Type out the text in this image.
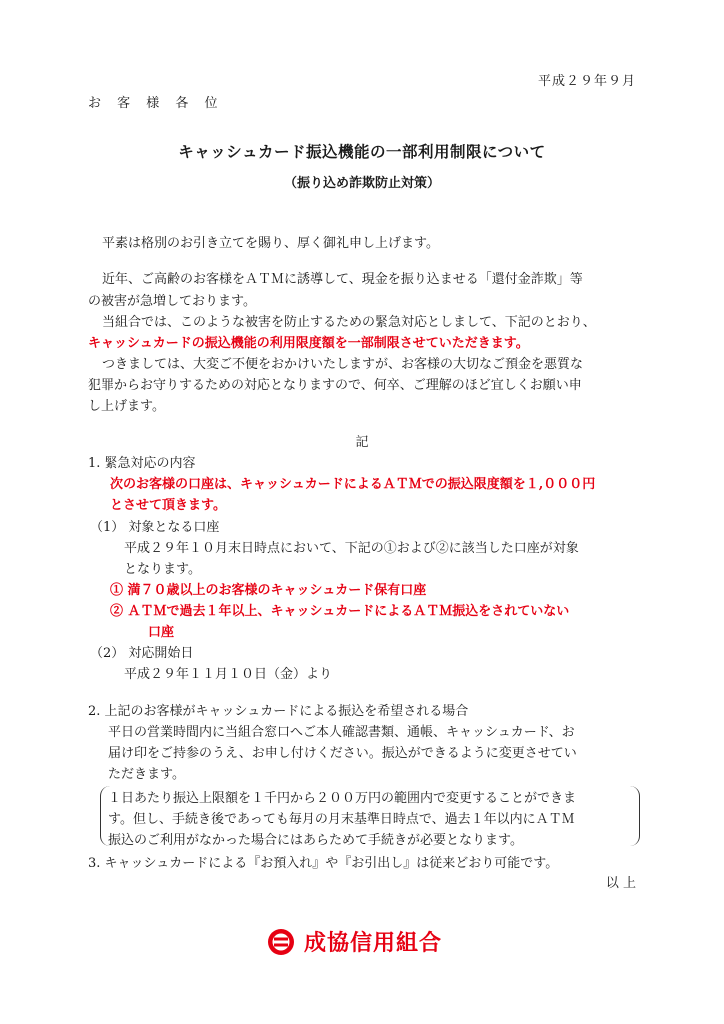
平成２９年９月
お 客 様 各 位
キャッシュカード振込機能の一部利用制限について
（振り込め詐欺防止対策）
平素は格別のお引き立てを賜り、厚く御礼申し上げます。
近年、ご高齢のお客様をＡＴＭに誘導して、現金を振り込ませる「還付金詐欺」等
の被害が急増しております。
当組合では、このような被害を防止するための緊急対応としまして、下記のとおり、
キャッシュカードの振込機能の利用限度額を一部制限させていただきます。
つきましては、大変ご不便をおかけいたしますが、お客様の大切なご預金を悪質な
犯罪からお守りするための対応となりますので、何卒、ご理解のほど宜しくお願い申
し上げます。
記
1. 緊急対応の内容
次のお客様の口座は、キャッシュカードによるＡＴＭでの振込限度額を１,０００円
とさせて頂きます。
（1） 対象となる口座
平成２９年１０月末日時点において、下記の①および②に該当した口座が対象
となります。
① 満７０歳以上のお客様のキャッシュカード保有口座
② ＡＴＭで過去１年以上、キャッシュカードによるＡＴＭ振込をされていない
口座
（2） 対応開始日
平成２９年１１月１０日（金）より
2. 上記のお客様がキャッシュカードによる振込を希望される場合
平日の営業時間内に当組合窓口へご本人確認書類、通帳、キャッシュカード、お
届け印をご持参のうえ、お申し付けください。振込ができるように変更させてい
ただきます。
１日あたり振込上限額を１千円から２００万円の範囲内で変更することができま
す。但し、手続き後であっても毎月の月末基準日時点で、過去１年以内にＡＴＭ
振込のご利用がなかった場合にはあらためて手続きが必要となります。
3. キャッシュカードによる『お預入れ』や『お引出し』は従来どおり可能です。
以 上
成協信用組合
